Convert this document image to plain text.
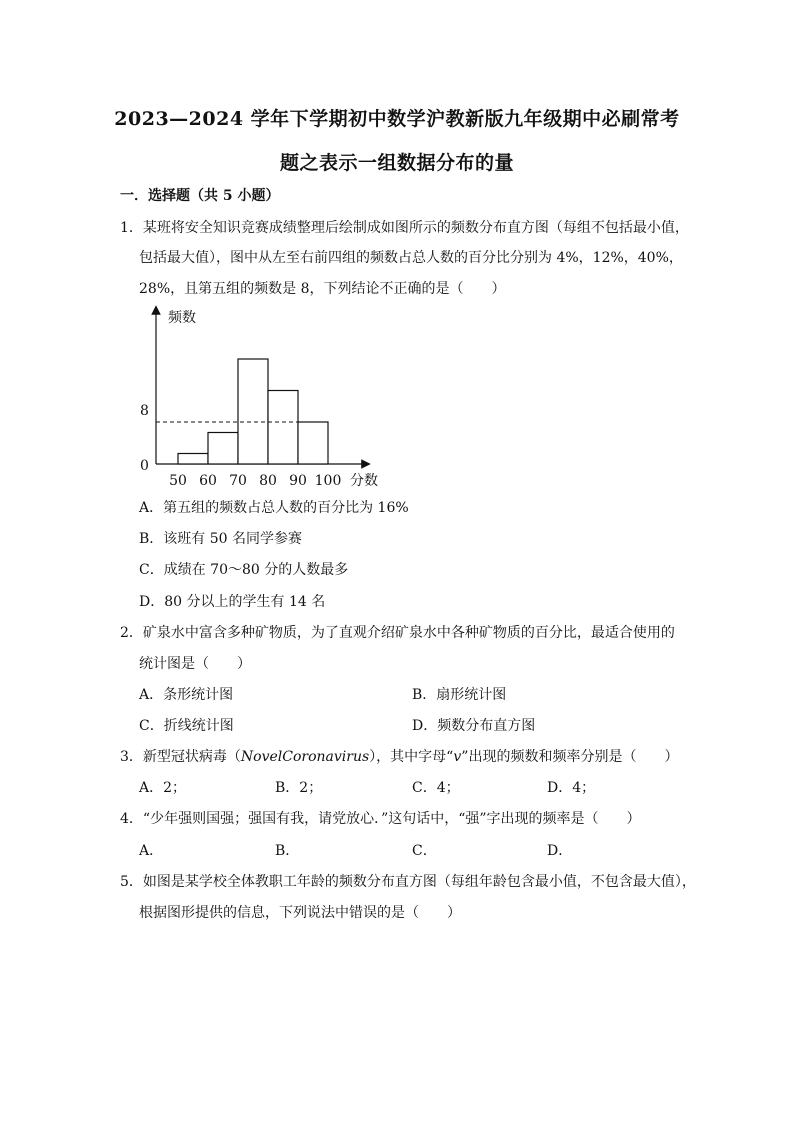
2023—2024 学年下学期初中数学沪教新版九年级期中必刷常考
题之表示一组数据分布的量
一．选择题（共 5 小题）
1．某班将安全知识竞赛成绩整理后绘制成如图所示的频数分布直方图（每组不包括最小值，
包括最大值），图中从左至右前四组的频数占总人数的百分比分别为 4%，12%，40%，
28%，且第五组的频数是 8，下列结论不正确的是（　　）
频数
分数
0
8
50 60 70 80 90 100
A．第五组的频数占总人数的百分比为 16%
B．该班有 50 名同学参赛
C．成绩在 70～80 分的人数最多
D．80 分以上的学生有 14 名
2．矿泉水中富含多种矿物质，为了直观介绍矿泉水中各种矿物质的百分比，最适合使用的
统计图是（　　）
A．条形统计图	B．扇形统计图
C．折线统计图	D．频数分布直方图
3．新型冠状病毒（NovelCoronavirus），其中字母“v”出现的频数和频率分别是（　　）
A．2；	B．2；	C．4；	D．4；
4．“少年强则国强；强国有我，请党放心．”这句话中，“强”字出现的频率是（　　）
A．	B．	C．	D．
5．如图是某学校全体教职工年龄的频数分布直方图（每组年龄包含最小值，不包含最大值），
根据图形提供的信息，下列说法中错误的是（　　）
